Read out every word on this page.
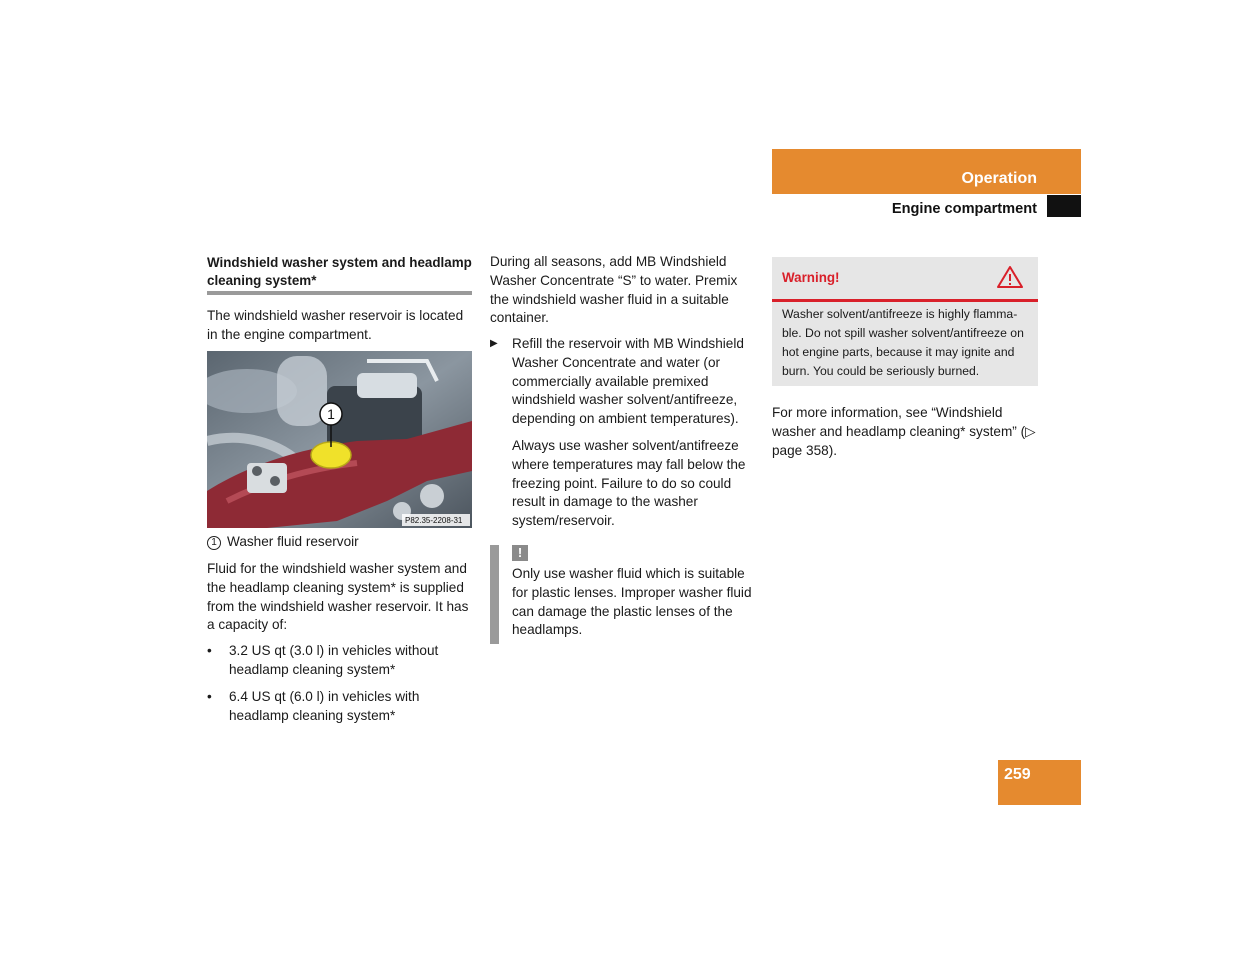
Operation
Engine compartment
Windshield washer system and headlamp cleaning system*

The windshield washer reservoir is located in the engine compartment.

1
P82.35-2208-31

1 Washer fluid reservoir

Fluid for the windshield washer system and the headlamp cleaning system* is supplied from the windshield washer reservoir. It has a capacity of:

• 3.2 US qt (3.0 l) in vehicles without headlamp cleaning system*
• 6.4 US qt (6.0 l) in vehicles with headlamp cleaning system*

During all seasons, add MB Windshield Washer Concentrate “S” to water. Premix the windshield washer fluid in a suitable container.

▶	Refill the reservoir with MB Windshield Washer Concentrate and water (or commercially available premixed windshield washer solvent/antifreeze, depending on ambient temperatures).

Always use washer solvent/antifreeze where temperatures may fall below the freezing point. Failure to do so could result in damage to the washer system/reservoir.

!

Only use washer fluid which is suitable for plastic lenses. Improper washer fluid can damage the plastic lenses of the headlamps.

Warning!

Washer solvent/antifreeze is highly flamma-ble. Do not spill washer solvent/antifreeze on hot engine parts, because it may ignite and burn. You could be seriously burned.

For more information, see “Windshield washer and headlamp cleaning* system” (▷ page 358).

259
